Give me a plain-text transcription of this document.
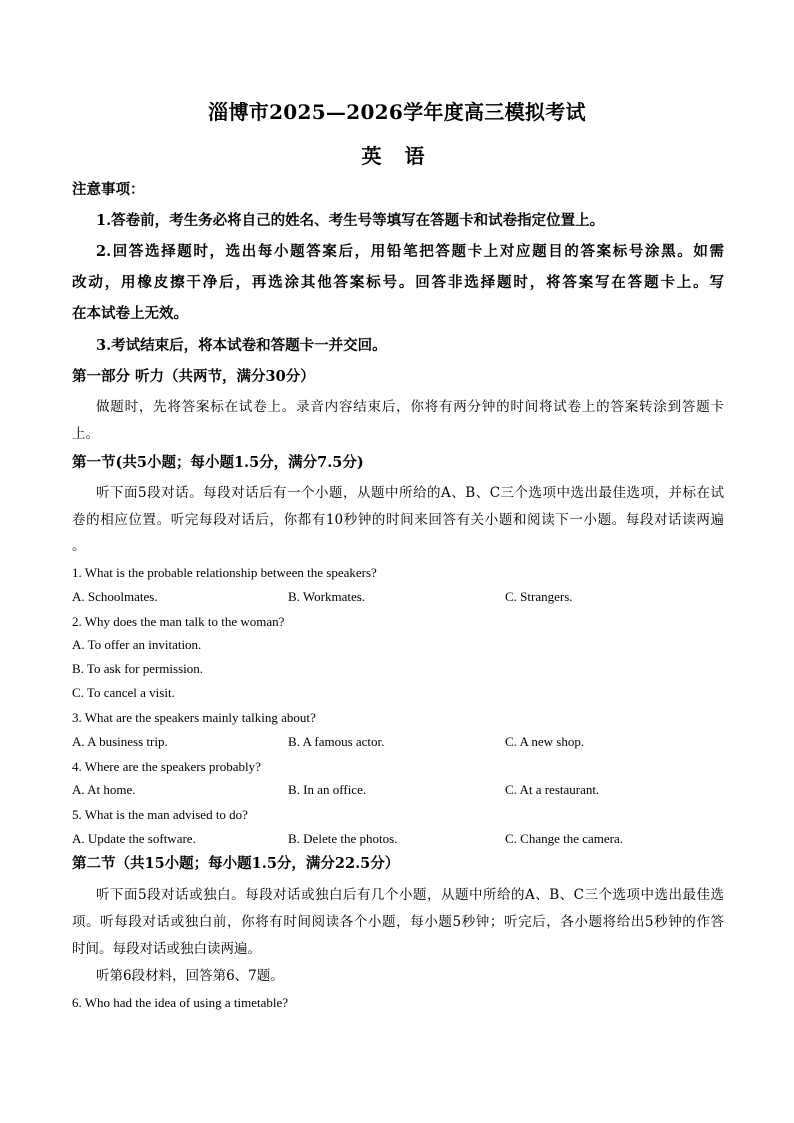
淄博市2025—2026学年度高三模拟考试
英 语
注意事项：
1.答卷前，考生务必将自己的姓名、考生号等填写在答题卡和试卷指定位置上。
2.回答选择题时，选出每小题答案后，用铅笔把答题卡上对应题目的答案标号涂黑。如需
改动，用橡皮擦干净后，再选涂其他答案标号。回答非选择题时，将答案写在答题卡上。写
在本试卷上无效。
3.考试结束后，将本试卷和答题卡一并交回。
第一部分 听力（共两节，满分30分）
做题时，先将答案标在试卷上。录音内容结束后，你将有两分钟的时间将试卷上的答案转涂到答题卡
上。
第一节(共5小题；每小题1.5分，满分7.5分)
听下面5段对话。每段对话后有一个小题，从题中所给的A、B、C三个选项中选出最佳选项，并标在试
卷的相应位置。听完每段对话后，你都有10秒钟的时间来回答有关小题和阅读下一小题。每段对话读两遍
。
1. What is the probable relationship between the speakers?
A. Schoolmates.	B. Workmates.	C. Strangers.
2. Why does the man talk to the woman?
A. To offer an invitation.
B. To ask for permission.
C. To cancel a visit.
3. What are the speakers mainly talking about?
A. A business trip.	B. A famous actor.	C. A new shop.
4. Where are the speakers probably?
A. At home.	B. In an office.	C. At a restaurant.
5. What is the man advised to do?
A. Update the software.	B. Delete the photos.	C. Change the camera.
第二节（共15小题；每小题1.5分，满分22.5分）
听下面5段对话或独白。每段对话或独白后有几个小题，从题中所给的A、B、C三个选项中选出最佳选
项。听每段对话或独白前，你将有时间阅读各个小题，每小题5秒钟；听完后，各小题将给出5秒钟的作答
时间。每段对话或独白读两遍。
听第6段材料，回答第6、7题。
6. Who had the idea of using a timetable?
